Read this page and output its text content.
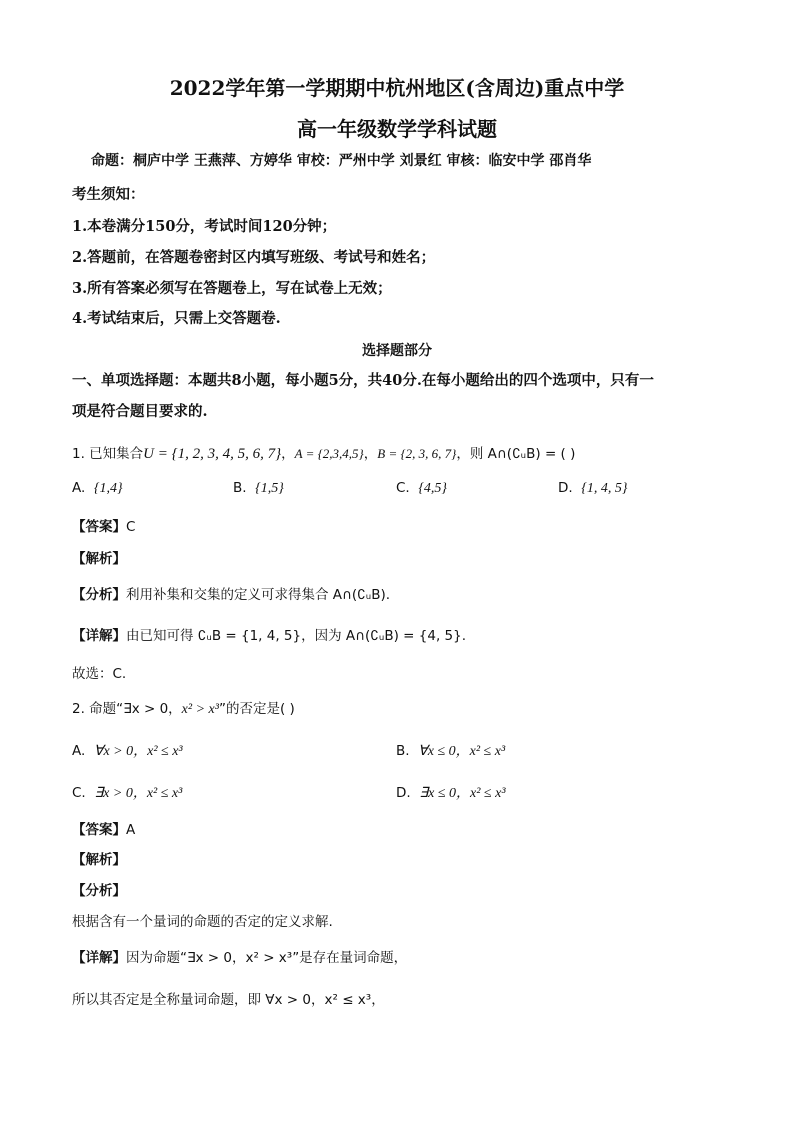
2022学年第一学期期中杭州地区(含周边)重点中学
高一年级数学学科试题
命题：桐庐中学 王燕萍、方婷华 审校：严州中学 刘景红 审核：临安中学 邵肖华
考生须知：
1.本卷满分150分，考试时间120分钟；
2.答题前，在答题卷密封区内填写班级、考试号和姓名；
3.所有答案必须写在答题卷上，写在试卷上无效；
4.考试结束后，只需上交答题卷.
选择题部分
一、单项选择题：本题共8小题，每小题5分，共40分.在每小题给出的四个选项中，只有一
项是符合题目要求的.
1. 已知集合U = {1, 2, 3, 4, 5, 6, 7}，A = {2,3,4,5}，B = {2, 3, 6, 7}，则 A∩(∁ᵤB) = ( )
A. {1,4}	B. {1,5}	C. {4,5}	D. {1, 4, 5}
【答案】C
【解析】
【分析】利用补集和交集的定义可求得集合 A∩(∁ᵤB).
【详解】由已知可得 ∁ᵤB = {1, 4, 5}，因为 A∩(∁ᵤB) = {4, 5}.
故选：C.
2. 命题“∃x > 0，x² > x³”的否定是( )
A. ∀x > 0，x² ≤ x³	B. ∀x ≤ 0，x² ≤ x³
C. ∃x > 0，x² ≤ x³	D. ∃x ≤ 0，x² ≤ x³
【答案】A
【解析】
【分析】
根据含有一个量词的命题的否定的定义求解.
【详解】因为命题“∃x > 0，x² > x³”是存在量词命题，
所以其否定是全称量词命题，即 ∀x > 0，x² ≤ x³，
